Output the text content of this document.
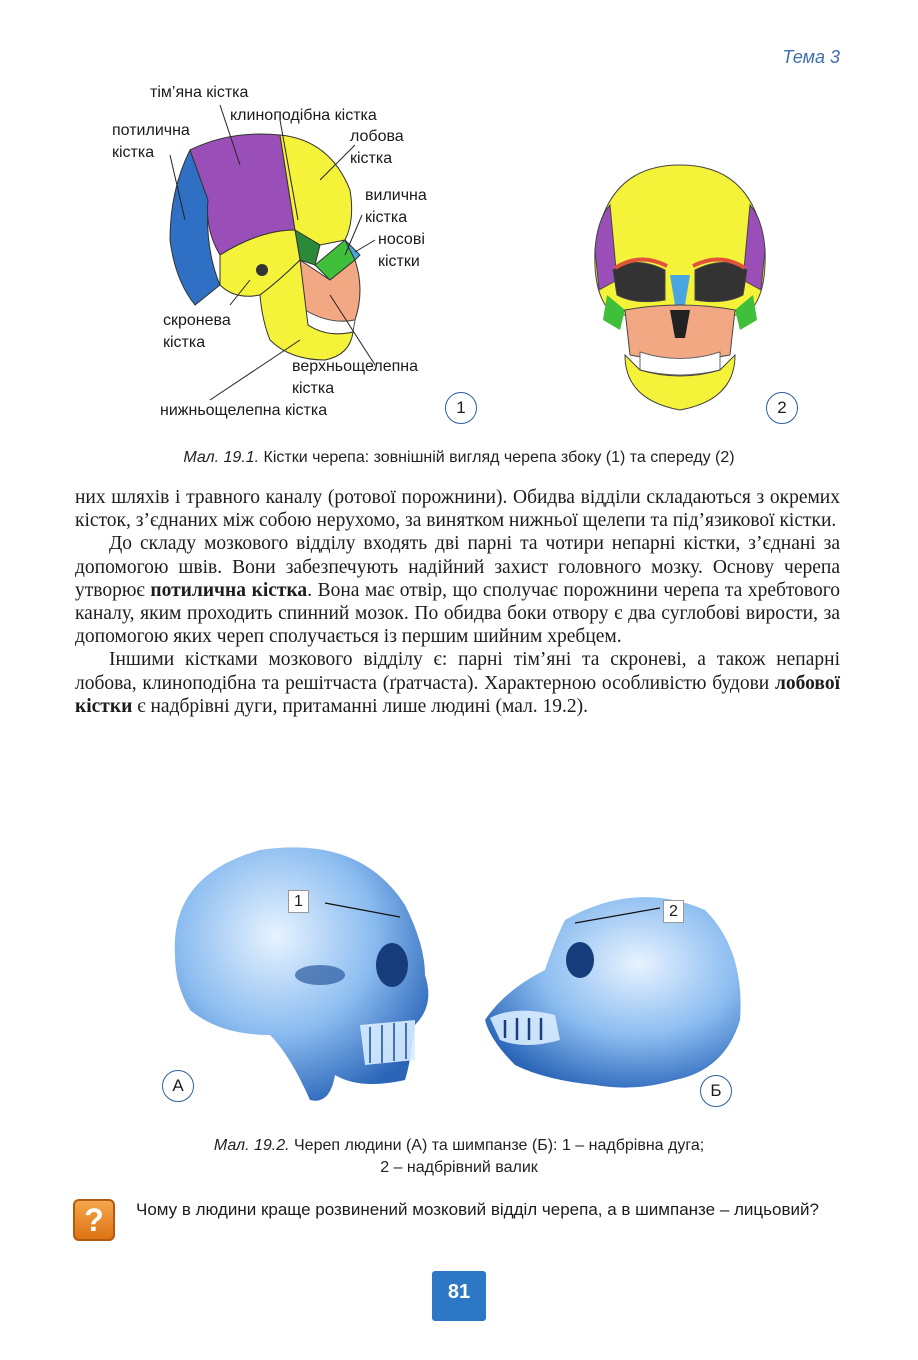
Тема 3
тім’яна кістка
клиноподібна кістка
потилична кістка
лобова кістка
вилична кістка
носові кістки
скронева кістка
верхньощелепна кістка
нижньощелепна кістка	1	2
Мал. 19.1. Кістки черепа: зовнішній вигляд черепа збоку (1) та спереду (2)

них шляхів і травного каналу (ротової порожнини). Обидва відділи складаються з окремих кісток, з’єднаних між собою нерухомо, за винятком нижньої щелепи та під’язикової кістки.

До складу мозкового відділу входять дві парні та чотири непарні кістки, з’єднані за допомогою швів. Вони забезпечують надійний захист головного мозку. Основу черепа утворює потилична кістка. Вона має отвір, що сполучає порожнини черепа та хребтового каналу, яким проходить спинний мозок. По обидва боки отвору є два суглобові вирости, за допомогою яких череп сполучається із першим шийним хребцем.

Іншими кістками мозкового відділу є: парні тім’яні та скроневі, а також непарні лобова, клиноподібна та решітчаста (ґратчаста). Характерною особливістю будови лобової кістки є надбрівні дуги, притаманні лише людині (мал. 19.2).

1
2
А	Б
Мал. 19.2. Череп людини (А) та шимпанзе (Б): 1 – надбрівна дуга;
2 – надбрівний валик
?	Чому в людини краще розвинений мозковий відділ черепа, а в шимпанзе – лицьовий?
81
